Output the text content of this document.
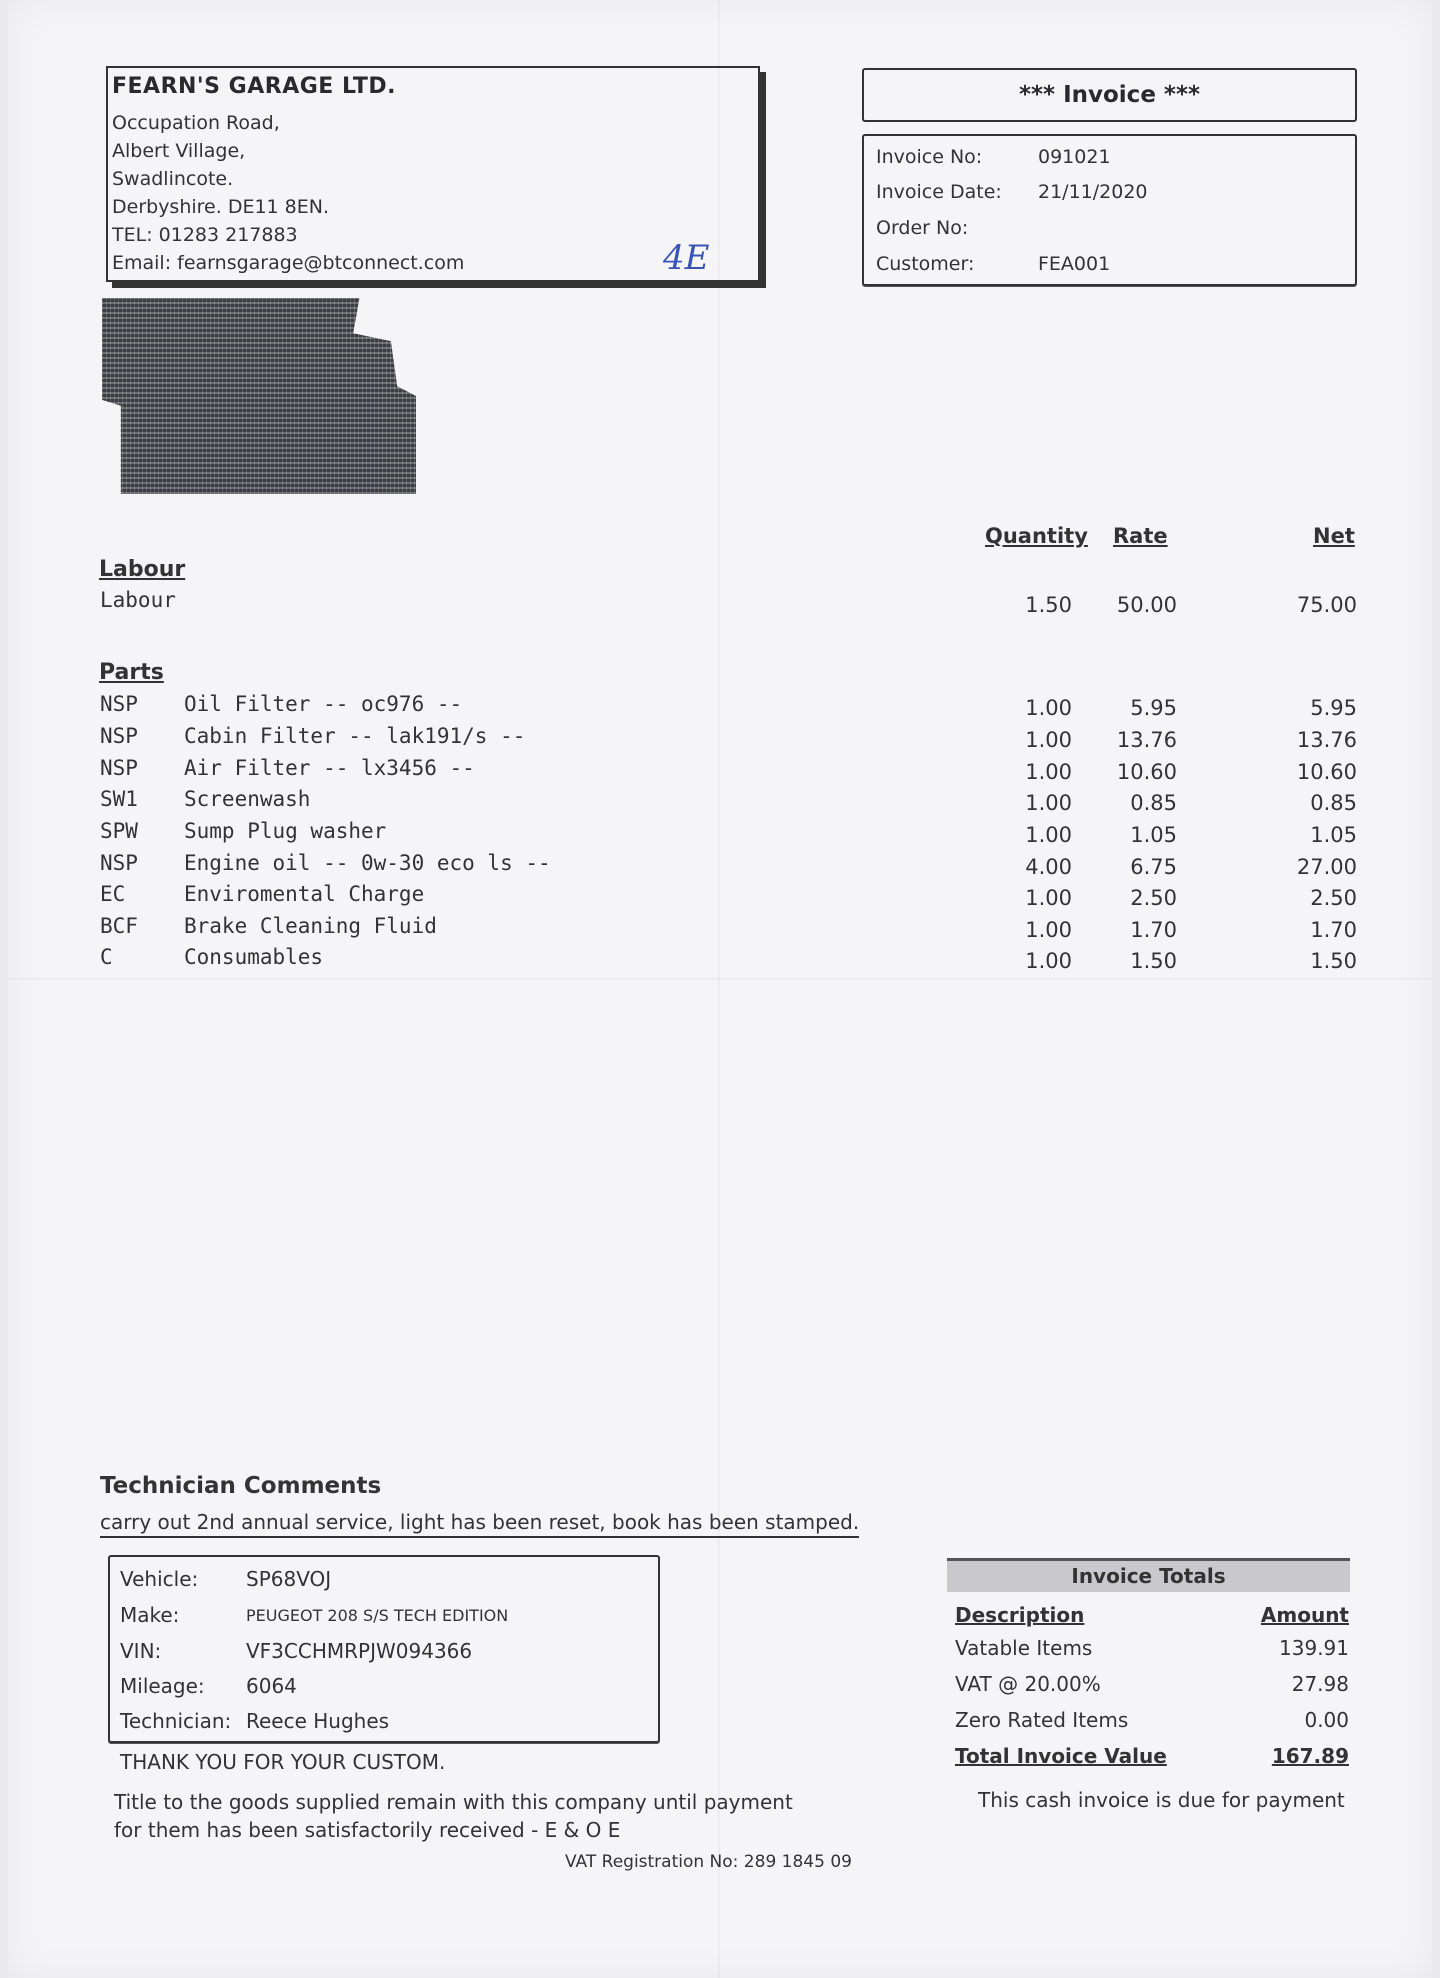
FEARN'S GARAGE LTD.
Occupation Road,
Albert Village,
Swadlincote.
Derbyshire. DE11 8EN.
TEL: 01283 217883
Email: fearnsgarage@btconnect.com	4E
*** Invoice ***
Invoice No:	091021
Invoice Date: 21/11/2020
Order No:
Customer:	FEA001
Quantity Rate	Net
Labour
Labour	1.50	50.00	75.00
Parts
NSP Oil Filter -- oc976 --	1.00	5.95	5.95
NSP Cabin Filter -- lak191/s --	1.00	13.76	13.76
NSP Air Filter -- lx3456 --	1.00	10.60	10.60
SW1 Screenwash	1.00	0.85	0.85
SPW Sump Plug washer	1.00	1.05	1.05
NSP Engine oil -- 0w-30 eco ls --	4.00	6.75	27.00
EC	Enviromental Charge	1.00	2.50	2.50
BCF Brake Cleaning Fluid	1.00	1.70	1.70
C	Consumables	1.00	1.50	1.50
Technician Comments
carry out 2nd annual service, light has been reset, book has been stamped.
Vehicle: SP68VOJ
Make:	PEUGEOT 208 S/S TECH EDITION
VIN:	VF3CCHMRPJW094366
Mileage: 6064
Technician: Reece Hughes
THANK YOU FOR YOUR CUSTOM.
Title to the goods supplied remain with this company until payment
for them has been satisfactorily received - E & O E
VAT Registration No: 289 1845 09
Invoice Totals
Description	Amount
Vatable Items	139.91
VAT @ 20.00%	27.98
Zero Rated Items	0.00
Total Invoice Value	167.89
This cash invoice is due for payment
